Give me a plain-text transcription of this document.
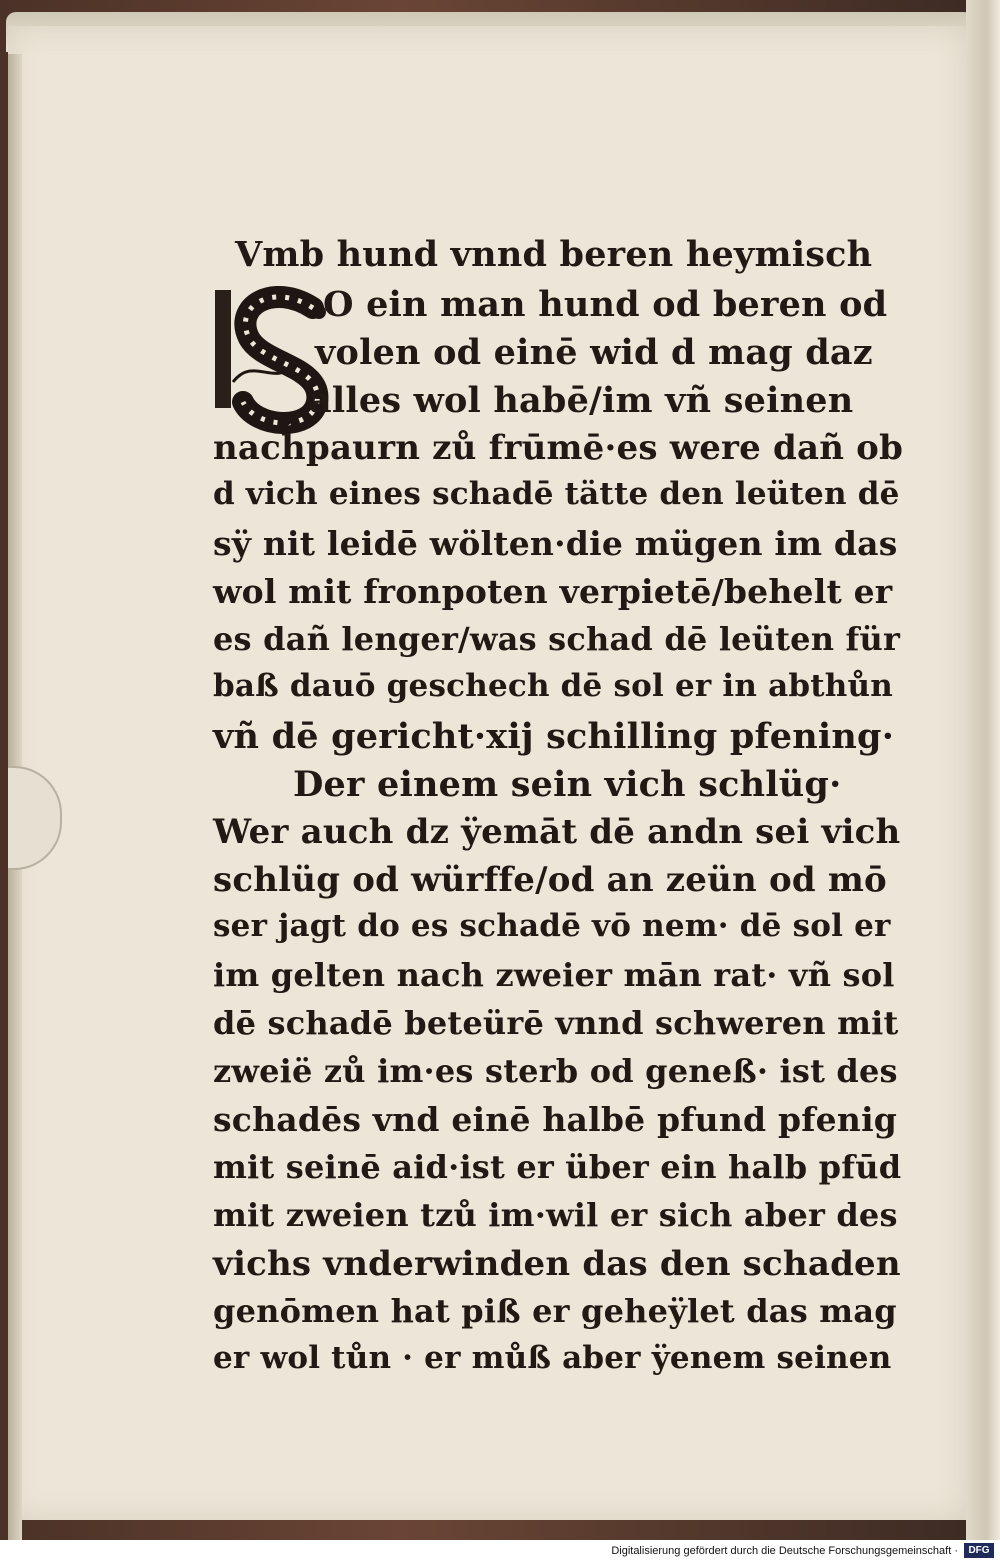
Vmb hund vnnd beren heymisch
O ein man hund od beren od
volen od einē wid d mag daz
alles wol habē/im vñ seinen
nachpaurn zů frūmē·es were dañ ob
d vich eines schadē tätte den leüten dē
sÿ nit leidē wölten·die mügen im das
wol mit fronpoten verpietē/behelt er
es dañ lenger/was schad dē leüten für
baß dauō geschech dē sol er in abthůn
vñ dē gericht·xij schilling pfening·
Der einem sein vich schlüg·
Wer auch dz ÿemāt dē andn sei vich
schlüg od würffe/od an zeün od mō
ser jagt do es schadē vō nem· dē sol er
im gelten nach zweier mān rat· vñ sol
dē schadē beteürē vnnd schweren mit
zweië zů im·es sterb od geneß· ist des
schadēs vnd einē halbē pfund pfenig
mit seinē aid·ist er über ein halb pfūd
mit zweien tzů im·wil er sich aber des
vichs vnderwinden das den schaden
genōmen hat piß er geheÿlet das mag
er wol tůn · er můß aber ÿenem seinen
Digitalisierung gefördert durch die Deutsche Forschungsgemeinschaft ·	DFG
